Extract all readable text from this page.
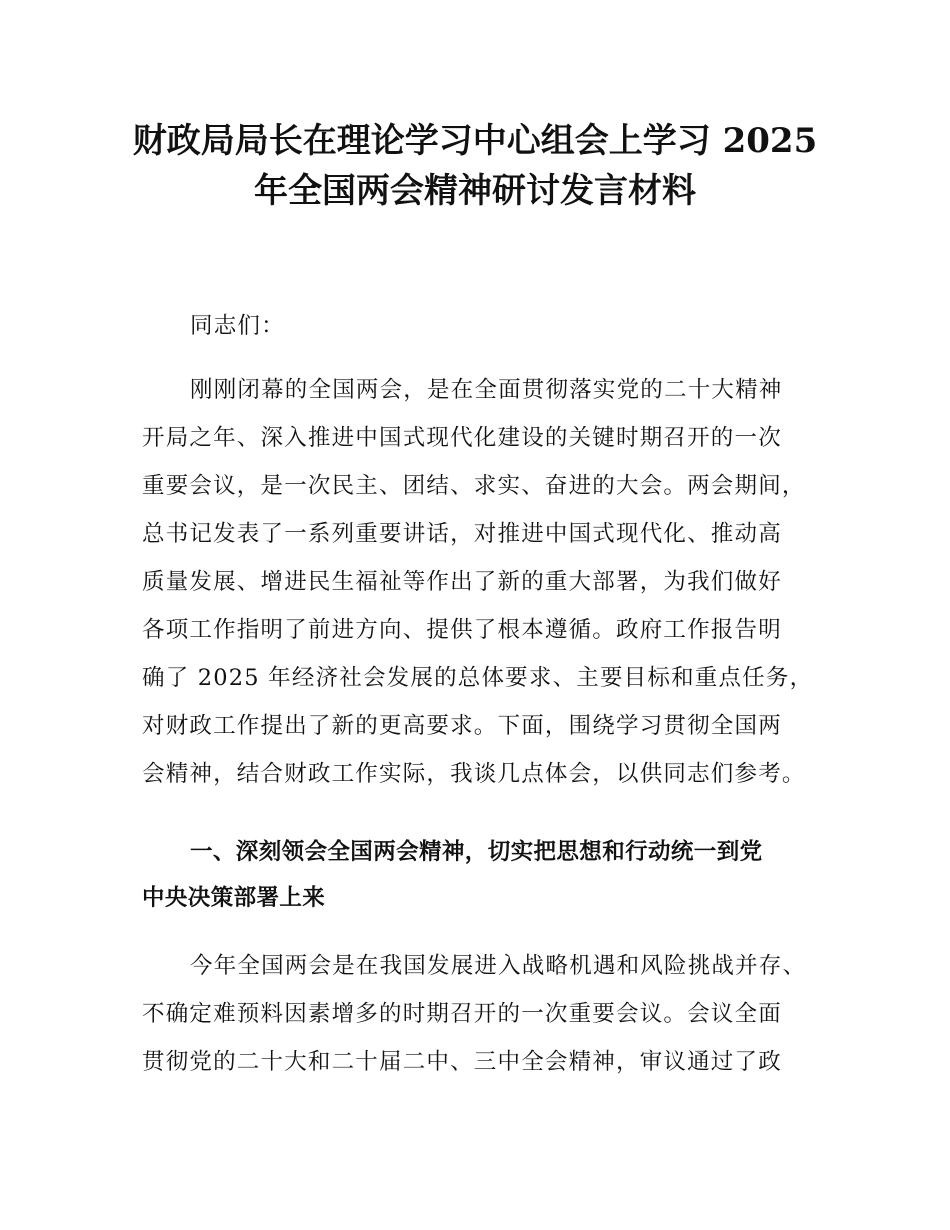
财政局局长在理论学习中心组会上学习 2025
年全国两会精神研讨发言材料

同志们：

刚刚闭幕的全国两会，是在全面贯彻落实党的二十大精神

开局之年、深入推进中国式现代化建设的关键时期召开的一次

重要会议，是一次民主、团结、求实、奋进的大会。两会期间，

总书记发表了一系列重要讲话，对推进中国式现代化、推动高

质量发展、增进民生福祉等作出了新的重大部署，为我们做好

各项工作指明了前进方向、提供了根本遵循。政府工作报告明

确了 2025 年经济社会发展的总体要求、主要目标和重点任务，

对财政工作提出了新的更高要求。下面，围绕学习贯彻全国两

会精神，结合财政工作实际，我谈几点体会，以供同志们参考。

一、深刻领会全国两会精神，切实把思想和行动统一到党

中央决策部署上来

今年全国两会是在我国发展进入战略机遇和风险挑战并存、

不确定难预料因素增多的时期召开的一次重要会议。会议全面

贯彻党的二十大和二十届二中、三中全会精神，审议通过了政
